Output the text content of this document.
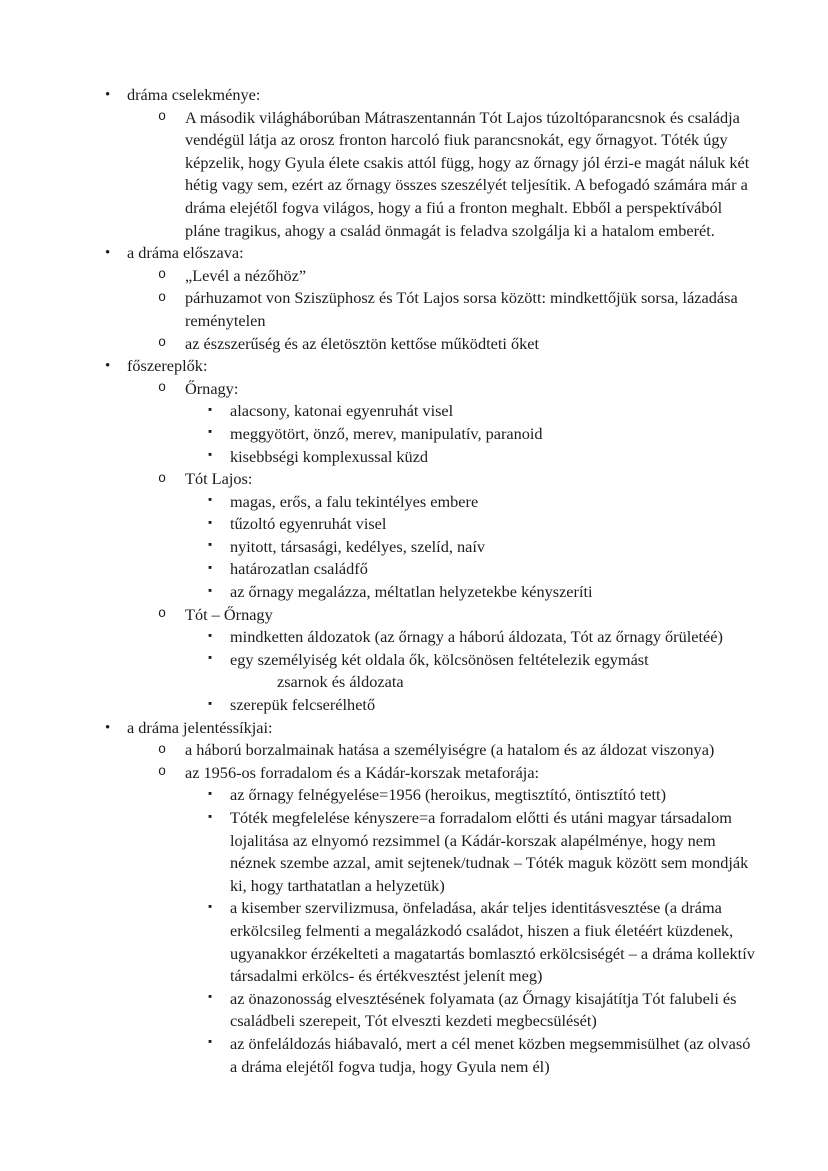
• dráma cselekménye:
o A második világháborúban Mátraszentannán Tót Lajos túzoltóparancsnok és családja vendégül látja az orosz fronton harcoló fiuk parancsnokát, egy őrnagyot. Tóték úgy képzelik, hogy Gyula élete csakis attól függ, hogy az őrnagy jól érzi-e magát náluk két hétig vagy sem, ezért az őrnagy összes szeszélyét teljesítik. A befogadó számára már a dráma elejétől fogva világos, hogy a fiú a fronton meghalt. Ebből a perspektívából pláne tragikus, ahogy a család önmagát is feladva szolgálja ki a hatalom emberét.
• a dráma előszava:
o „Levél a nézőhöz”
o párhuzamot von Sziszüphosz és Tót Lajos sorsa között: mindkettőjük sorsa, lázadása reménytelen
o az észszerűség és az életösztön kettőse működteti őket
• főszereplők:
o Őrnagy:
▪ alacsony, katonai egyenruhát visel
▪ meggyötört, önző, merev, manipulatív, paranoid
▪ kisebbségi komplexussal küzd
o Tót Lajos:
▪ magas, erős, a falu tekintélyes embere
▪ tűzoltó egyenruhát visel
▪ nyitott, társasági, kedélyes, szelíd, naív
▪ határozatlan családfő
▪ az őrnagy megalázza, méltatlan helyzetekbe kényszeríti
o Tót – Őrnagy
▪ mindketten áldozatok (az őrnagy a háború áldozata, Tót az őrnagy őrületéé)
▪ egy személyiség két oldala ők, kölcsönösen feltételezik egymást
zsarnok és áldozata
▪ szerepük felcserélhető
• a dráma jelentéssíkjai:
o a háború borzalmainak hatása a személyiségre (a hatalom és az áldozat viszonya)
o az 1956-os forradalom és a Kádár-korszak metaforája:
▪ az őrnagy felnégyelése=1956 (heroikus, megtisztító, öntisztító tett)
▪ Tóték megfelelése kényszere=a forradalom előtti és utáni magyar társadalom lojalitása az elnyomó rezsimmel (a Kádár-korszak alapélménye, hogy nem néznek szembe azzal, amit sejtenek/tudnak – Tóték maguk között sem mondják ki, hogy tarthatatlan a helyzetük)
▪ a kisember szervilizmusa, önfeladása, akár teljes identitásvesztése (a dráma erkölcsileg felmenti a megalázkodó családot, hiszen a fiuk életéért küzdenek, ugyanakkor érzékelteti a magatartás bomlasztó erkölcsiségét – a dráma kollektív társadalmi erkölcs- és értékvesztést jelenít meg)
▪ az önazonosság elvesztésének folyamata (az Őrnagy kisajátítja Tót falubeli és családbeli szerepeit, Tót elveszti kezdeti megbecsülését)
▪ az önfeláldozás hiábavaló, mert a cél menet közben megsemmisülhet (az olvasó a dráma elejétől fogva tudja, hogy Gyula nem él)
